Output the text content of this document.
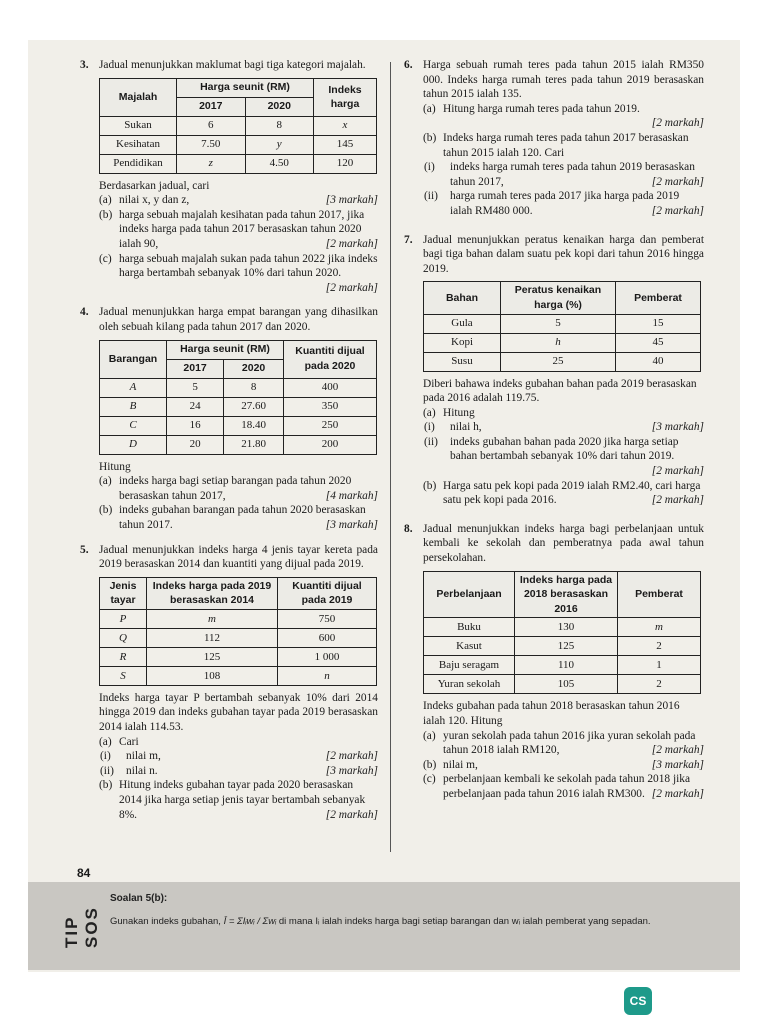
3. Jadual menunjukkan maklumat bagi tiga kategori majalah.
Majalah	Harga seunit (RM)		Indeks harga
	2017	2020	
Sukan	6	8	x
Kesihatan	7.50	y	145
Pendidikan	z	4.50	120
Berdasarkan jadual, cari
(a) nilai x, y dan z,	[3 markah]
(b) harga sebuah majalah kesihatan pada tahun 2017, jika indeks harga pada tahun 2017 berasaskan tahun 2020 ialah 90,	[2 markah]
(c) harga sebuah majalah sukan pada tahun 2022 jika indeks harga bertambah sebanyak 10% dari tahun 2020.
[2 markah]
4. Jadual menunjukkan harga empat barangan yang dihasilkan oleh sebuah kilang pada tahun 2017 dan 2020.
Barangan	Harga seunit (RM)		Kuantiti dijual pada 2020
	2017	2020	
A	5	8	400
B	24	27.60	350
C	16	18.40	250
D	20	21.80	200
Hitung
(a) indeks harga bagi setiap barangan pada tahun 2020 berasaskan tahun 2017,	[4 markah]
(b) indeks gubahan barangan pada tahun 2020 berasaskan tahun 2017.	[3 markah]
5. Jadual menunjukkan indeks harga 4 jenis tayar kereta pada 2019 berasaskan 2014 dan kuantiti yang dijual pada 2019.
Jenis tayar	Indeks harga pada 2019 berasaskan 2014	Kuantiti dijual pada 2019
P	m	750
Q	112	600
R	125	1 000
S	108	n
Indeks harga tayar P bertambah sebanyak 10% dari 2014 hingga 2019 dan indeks gubahan tayar pada 2019 berasaskan 2014 ialah 114.53.
(a) Cari
(i)	nilai m,	[2 markah]
(ii)	nilai n.	[3 markah]
(b) Hitung indeks gubahan tayar pada 2020 berasaskan 2014 jika harga setiap jenis tayar bertambah sebanyak 8%.	[2 markah]
6. Harga sebuah rumah teres pada tahun 2015 ialah RM350 000. Indeks harga rumah teres pada tahun 2019 berasaskan tahun 2015 ialah 135.
(a) Hitung harga rumah teres pada tahun 2019.

[2 markah]
(b) Indeks harga rumah teres pada tahun 2017 berasaskan tahun 2015 ialah 120. Cari
(i)	indeks harga rumah teres pada tahun 2019 berasaskan tahun 2017,	[2 markah]
(ii)	harga rumah teres pada 2017 jika harga pada 2019 ialah RM480 000.	[2 markah]
7. Jadual menunjukkan peratus kenaikan harga dan pemberat bagi tiga bahan dalam suatu pek kopi dari tahun 2016 hingga 2019.
Bahan	Peratus kenaikan harga (%)	Pemberat
Gula	5	15
Kopi	h	45
Susu	25	40
Diberi bahawa indeks gubahan bahan pada 2019 berasaskan pada 2016 adalah 119.75.
(a) Hitung
(i)	nilai h,	[3 markah]
(ii)	indeks gubahan bahan pada 2020 jika harga setiap bahan bertambah sebanyak 10% dari tahun 2019.
[2 markah]
(b) Harga satu pek kopi pada 2019 ialah RM2.40, cari harga satu pek kopi pada 2016.	[2 markah]
8. Jadual menunjukkan indeks harga bagi perbelanjaan untuk kembali ke sekolah dan pemberatnya pada awal tahun persekolahan.
Perbelanjaan	Indeks harga pada 2018 berasaskan 2016	Pemberat
Buku	130	m
Kasut	125	2
Baju seragam	110	1
Yuran sekolah	105	2
Indeks gubahan pada tahun 2018 berasaskan tahun 2016 ialah 120. Hitung
(a) yuran sekolah pada tahun 2016 jika yuran sekolah pada tahun 2018 ialah RM120,	[2 markah]
(b) nilai m,	[3 markah]
(c) perbelanjaan kembali ke sekolah pada tahun 2018 jika perbelanjaan pada tahun 2016 ialah RM300. [2 markah]
84
TIP SOS
Soalan 5(b):
Gunakan indeks gubahan, Ī = ΣIᵢwᵢ / Σwᵢ di mana Iᵢ ialah indeks harga bagi setiap barangan dan wᵢ ialah pemberat yang sepadan.
CS
